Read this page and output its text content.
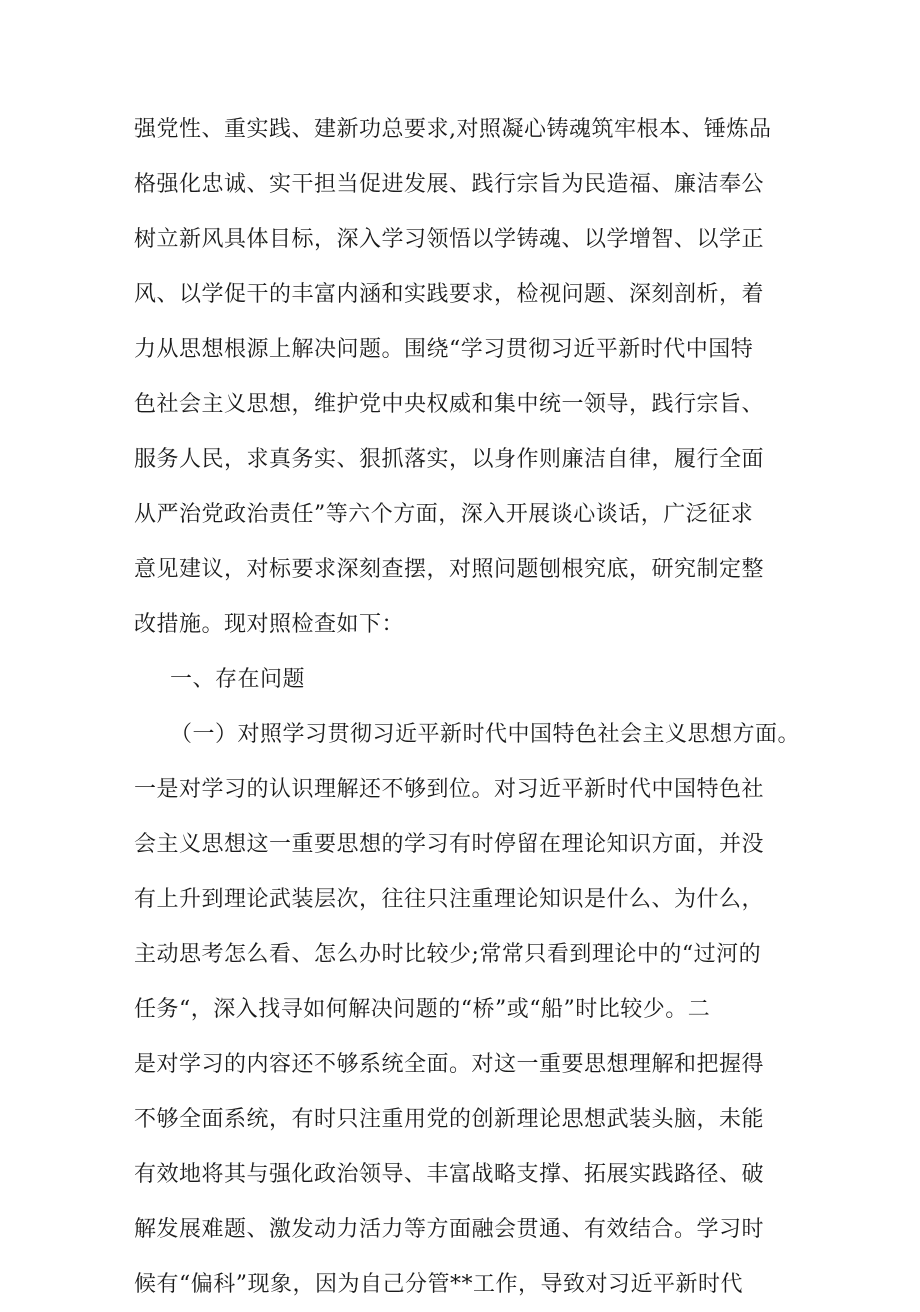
强党性、重实践、建新功总要求,对照凝心铸魂筑牢根本、锤炼品
格强化忠诚、实干担当促进发展、践行宗旨为民造福、廉洁奉公
树立新风具体目标，深入学习领悟以学铸魂、以学增智、以学正
风、以学促干的丰富内涵和实践要求，检视问题、深刻剖析，着
力从思想根源上解决问题。围绕“学习贯彻习近平新时代中国特
色社会主义思想，维护党中央权威和集中统一领导，践行宗旨、
服务人民，求真务实、狠抓落实，以身作则廉洁自律，履行全面
从严治党政治责任”等六个方面，深入开展谈心谈话，广泛征求
意见建议，对标要求深刻查摆，对照问题刨根究底，研究制定整
改措施。现对照检查如下：
一、存在问题
（一）对照学习贯彻习近平新时代中国特色社会主义思想方面。
一是对学习的认识理解还不够到位。对习近平新时代中国特色社
会主义思想这一重要思想的学习有时停留在理论知识方面，并没
有上升到理论武装层次，往往只注重理论知识是什么、为什么，
主动思考怎么看、怎么办时比较少;常常只看到理论中的“过河的
任务“，深入找寻如何解决问题的“桥”或“船”时比较少。二
是对学习的内容还不够系统全面。对这一重要思想理解和把握得
不够全面系统，有时只注重用党的创新理论思想武装头脑，未能
有效地将其与强化政治领导、丰富战略支撑、拓展实践路径、破
解发展难题、激发动力活力等方面融会贯通、有效结合。学习时
候有“偏科”现象，因为自己分管**工作，导致对习近平新时代
